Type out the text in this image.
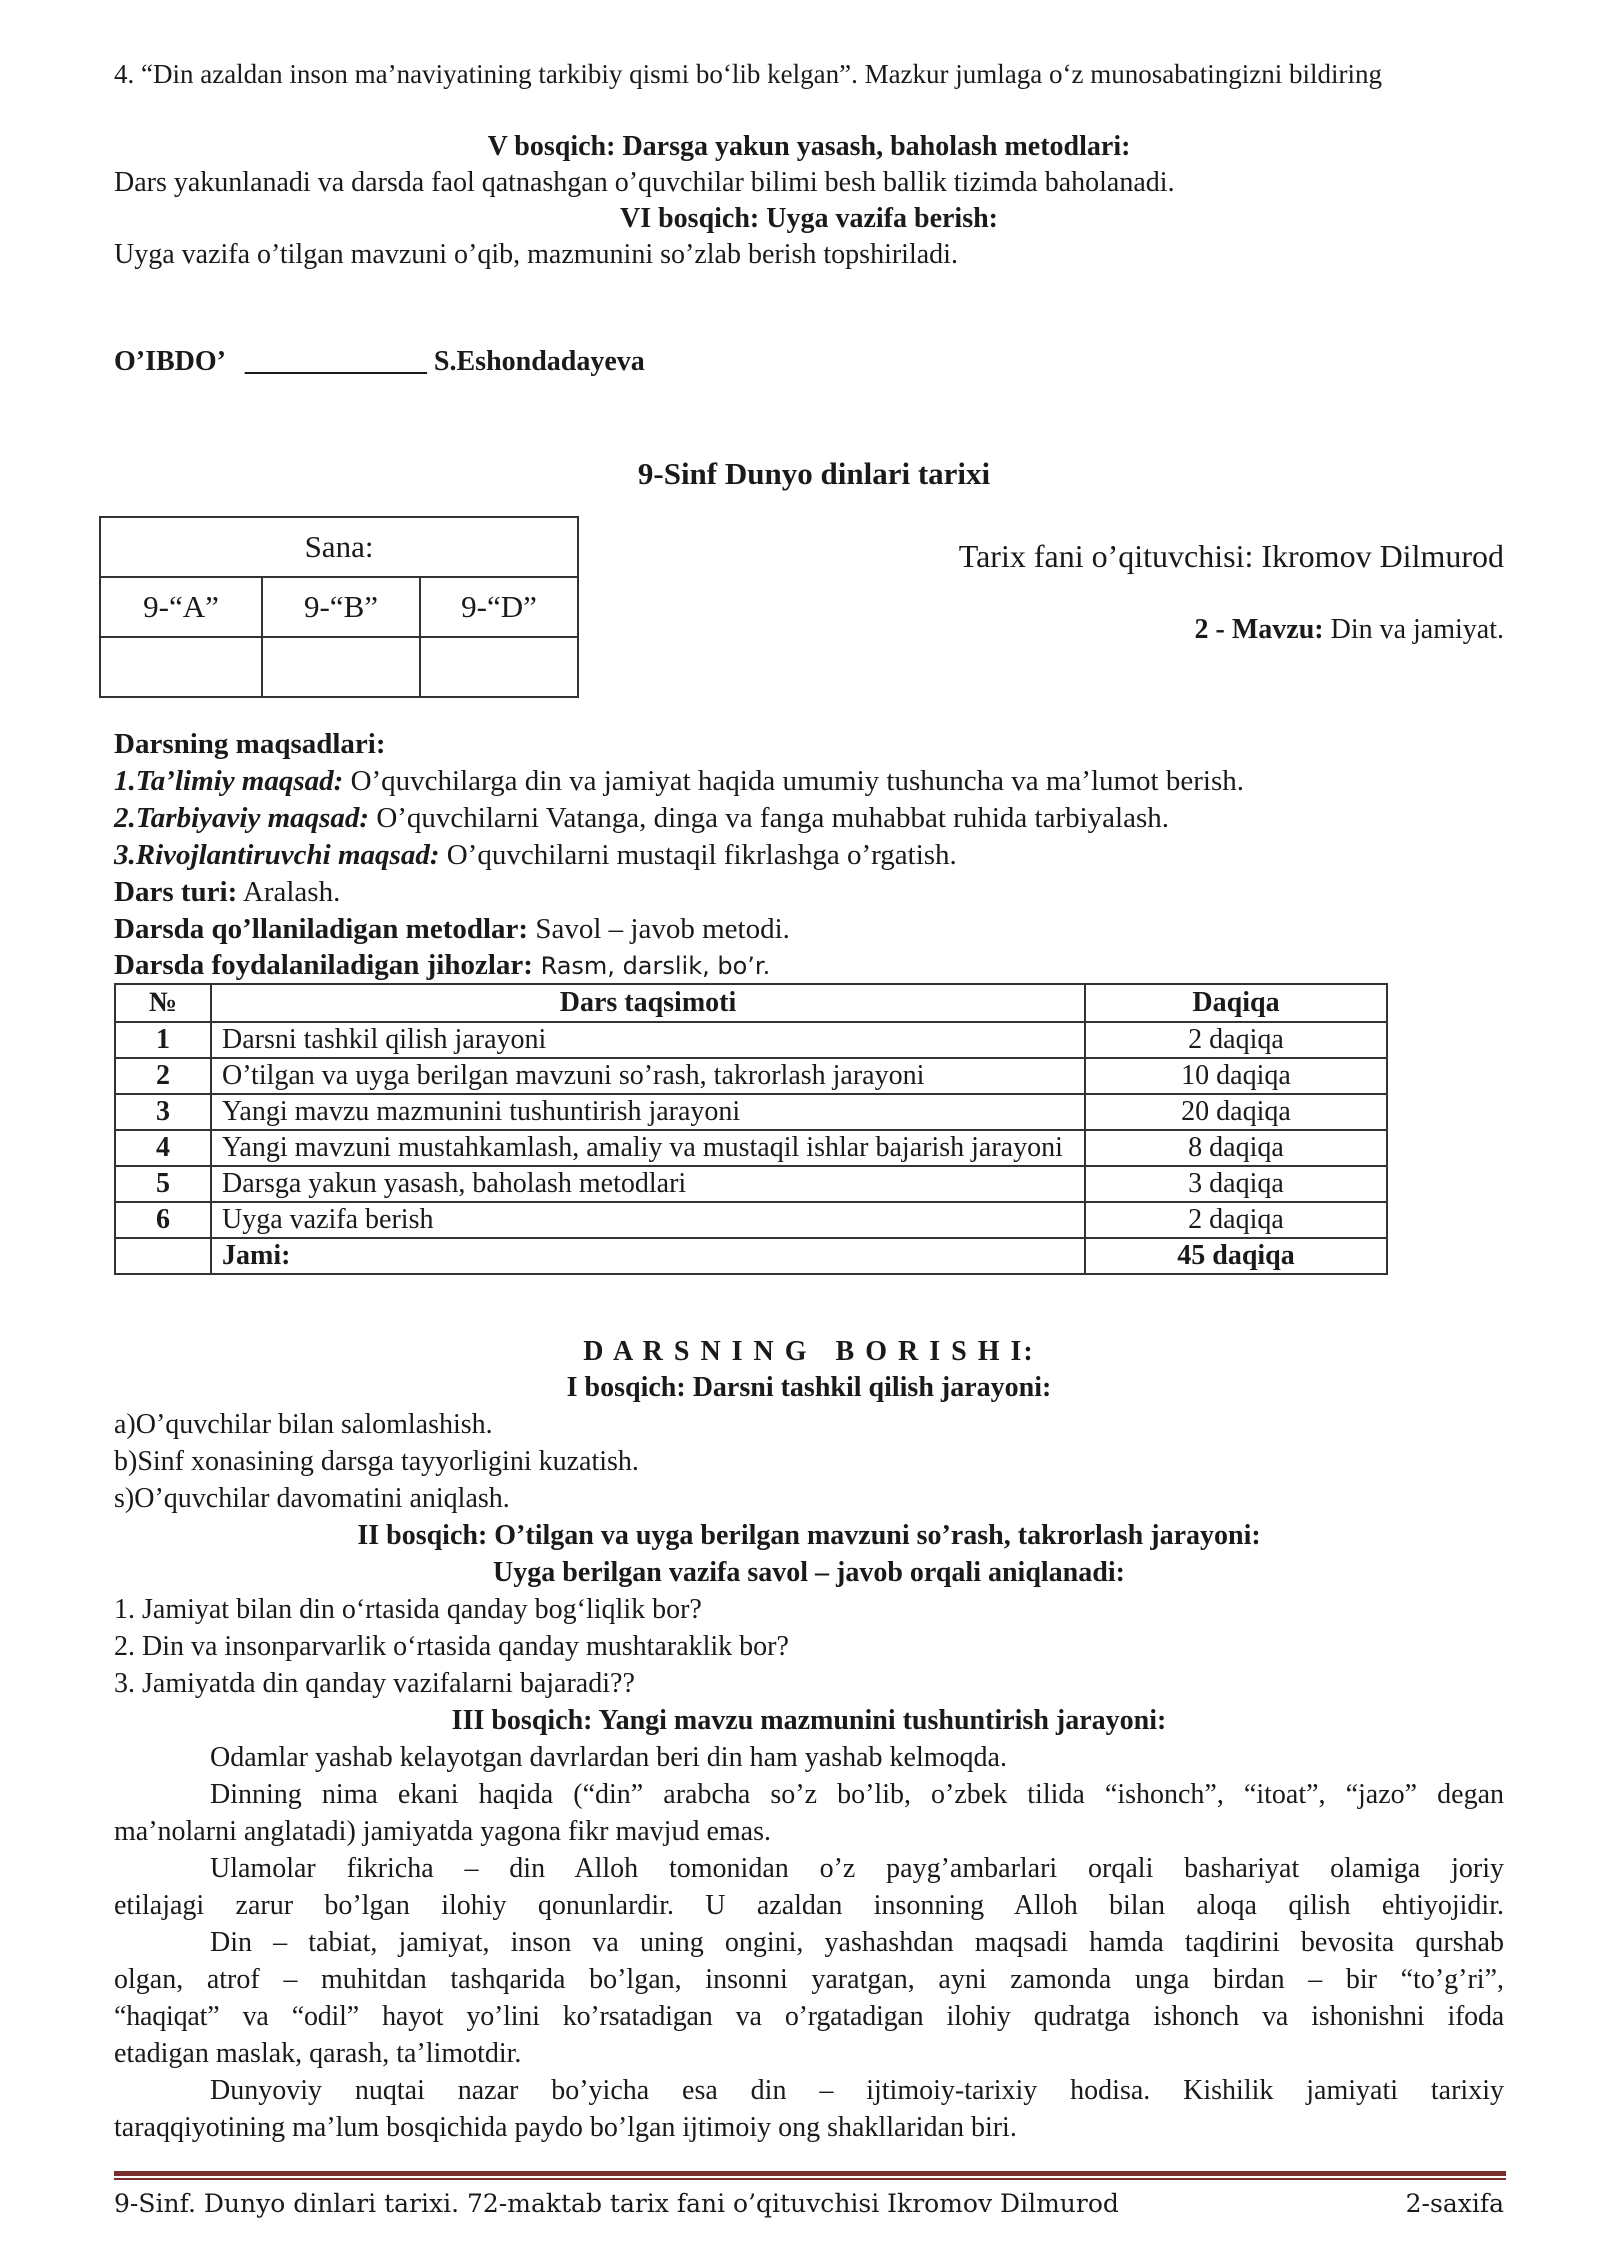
4. “Din azaldan inson ma’naviyatining tarkibiy qismi bo‘lib kelgan”. Mazkur jumlaga o‘z munosabatingizni bildiring
V bosqich: Darsga yakun yasash, baholash metodlari:
Dars yakunlanadi va darsda faol qatnashgan o’quvchilar bilimi besh ballik tizimda baholanadi.
VI bosqich: Uyga vazifa berish:
Uyga vazifa o’tilgan mavzuni o’qib, mazmunini so’zlab berish topshiriladi.
O’IBDO’   _____________ S.Eshondadayeva
9-Sinf Dunyo dinlari tarixi
Sana:		
9-“A”	9-“B”	9-“D”

Tarix fani o’qituvchisi: Ikromov Dilmurod
2 - Mavzu: Din va jamiyat.
Darsning maqsadlari:
1.Ta’limiy maqsad: O’quvchilarga din va jamiyat haqida umumiy tushuncha va ma’lumot berish.
2.Tarbiyaviy maqsad: O’quvchilarni Vatanga, dinga va fanga muhabbat ruhida tarbiyalash.
3.Rivojlantiruvchi maqsad: O’quvchilarni mustaqil fikrlashga o’rgatish.
Dars turi: Aralash.
Darsda qo’llaniladigan metodlar: Savol – javob metodi.
Darsda foydalaniladigan jihozlar: Rasm, darslik, bo’r.
№	Dars taqsimoti	Daqiqa
1	Darsni tashkil qilish jarayoni	2 daqiqa
2	O’tilgan va uyga berilgan mavzuni so’rash, takrorlash jarayoni	10 daqiqa
3	Yangi mavzu mazmunini tushuntirish jarayoni	20 daqiqa
4	Yangi mavzuni mustahkamlash, amaliy va mustaqil ishlar bajarish jarayoni	8 daqiqa
5	Darsga yakun yasash, baholash metodlari	3 daqiqa
6	Uyga vazifa berish	2 daqiqa
	Jami:	45 daqiqa
D A R S N I N G   B O R I S H I:
I bosqich: Darsni tashkil qilish jarayoni:
a)O’quvchilar bilan salomlashish.
b)Sinf xonasining darsga tayyorligini kuzatish.
s)O’quvchilar davomatini aniqlash.
II bosqich: O’tilgan va uyga berilgan mavzuni so’rash, takrorlash jarayoni:
Uyga berilgan vazifa savol – javob orqali aniqlanadi:
1. Jamiyat bilan din o‘rtasida qanday bog‘liqlik bor?
2. Din va insonparvarlik o‘rtasida qanday mushtaraklik bor?
3. Jamiyatda din qanday vazifalarni bajaradi??
III bosqich: Yangi mavzu mazmunini tushuntirish jarayoni:
Odamlar yashab kelayotgan davrlardan beri din ham yashab kelmoqda.
Dinning nima ekani haqida (“din” arabcha so’z bo’lib, o’zbek tilida “ishonch”, “itoat”, “jazo” degan
ma’nolarni anglatadi) jamiyatda yagona fikr mavjud emas.
Ulamolar fikricha – din Alloh tomonidan o’z payg’ambarlari orqali bashariyat olamiga joriy
etilajagi zarur bo’lgan ilohiy qonunlardir. U azaldan insonning Alloh bilan aloqa qilish ehtiyojidir.
Din – tabiat, jamiyat, inson va uning ongini, yashashdan maqsadi hamda taqdirini bevosita qurshab
olgan, atrof – muhitdan tashqarida bo’lgan, insonni yaratgan, ayni zamonda unga birdan – bir “to’g’ri”,
“haqiqat” va “odil” hayot yo’lini ko’rsatadigan va o’rgatadigan ilohiy qudratga ishonch va ishonishni ifoda
etadigan maslak, qarash, ta’limotdir.
Dunyoviy nuqtai nazar bo’yicha esa din – ijtimoiy-tarixiy hodisa. Kishilik jamiyati tarixiy
taraqqiyotining ma’lum bosqichida paydo bo’lgan ijtimoiy ong shakllaridan biri.
9-Sinf. Dunyo dinlari tarixi. 72-maktab tarix fani o’qituvchisi Ikromov Dilmurod	2-saxifa
